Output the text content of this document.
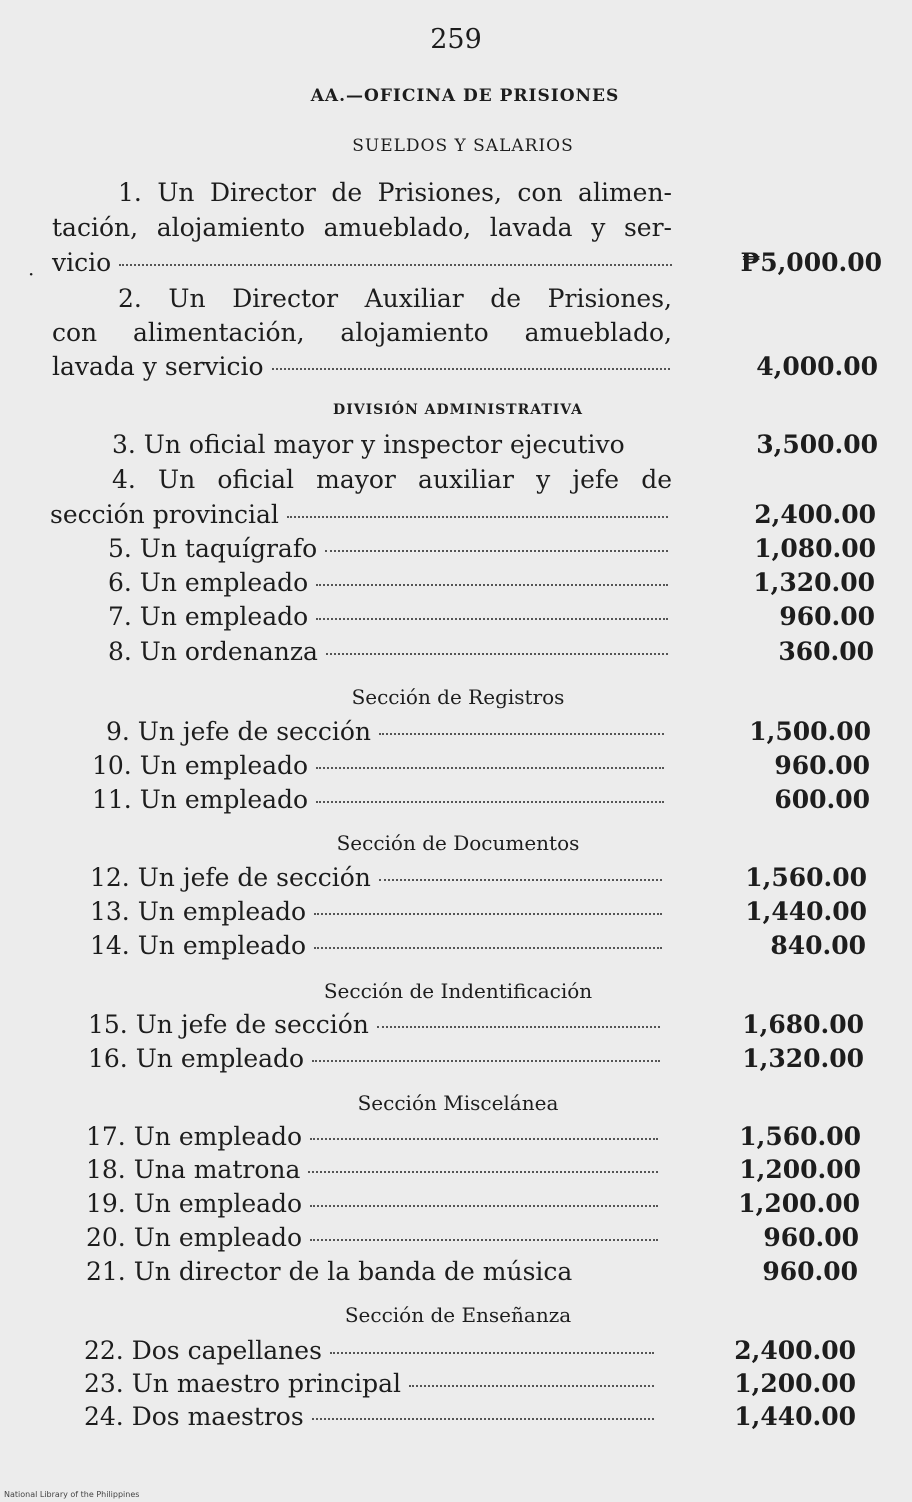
259
AA.—OFICINA DE PRISIONES
SUELDOS Y SALARIOS
·
1. Un Director de Prisiones, con alimen-
tación, alojamiento amueblado, lavada y ser-
vicio	₱5,000.00
2. Un Director Auxiliar de Prisiones,
con alimentación, alojamiento amueblado,
lavada y servicio	4,000.00
3. Un oficial mayor y inspector ejecutivo	3,500.00
4. Un oficial mayor auxiliar y jefe de
sección provincial	2,400.00
5. Un taquígrafo	1,080.00
6. Un empleado	1,320.00
7. Un empleado	960.00
8. Un ordenanza	360.00
9. Un jefe de sección	1,500.00
10. Un empleado	960.00
11. Un empleado	600.00
12. Un jefe de sección	1,560.00
13. Un empleado	1,440.00
14. Un empleado	840.00
15. Un jefe de sección	1,680.00
16. Un empleado	1,320.00
17. Un empleado	1,560.00
18. Una matrona	1,200.00
19. Un empleado	1,200.00
20. Un empleado	960.00
21. Un director de la banda de música	960.00
22. Dos capellanes	2,400.00
23. Un maestro principal	1,200.00
24. Dos maestros	1,440.00
DIVISIÓN ADMINISTRATIVA
Sección de Registros
Sección de Documentos
Sección de Indentificación
Sección Miscelánea
Sección de Enseñanza
National Library of the Philippines
